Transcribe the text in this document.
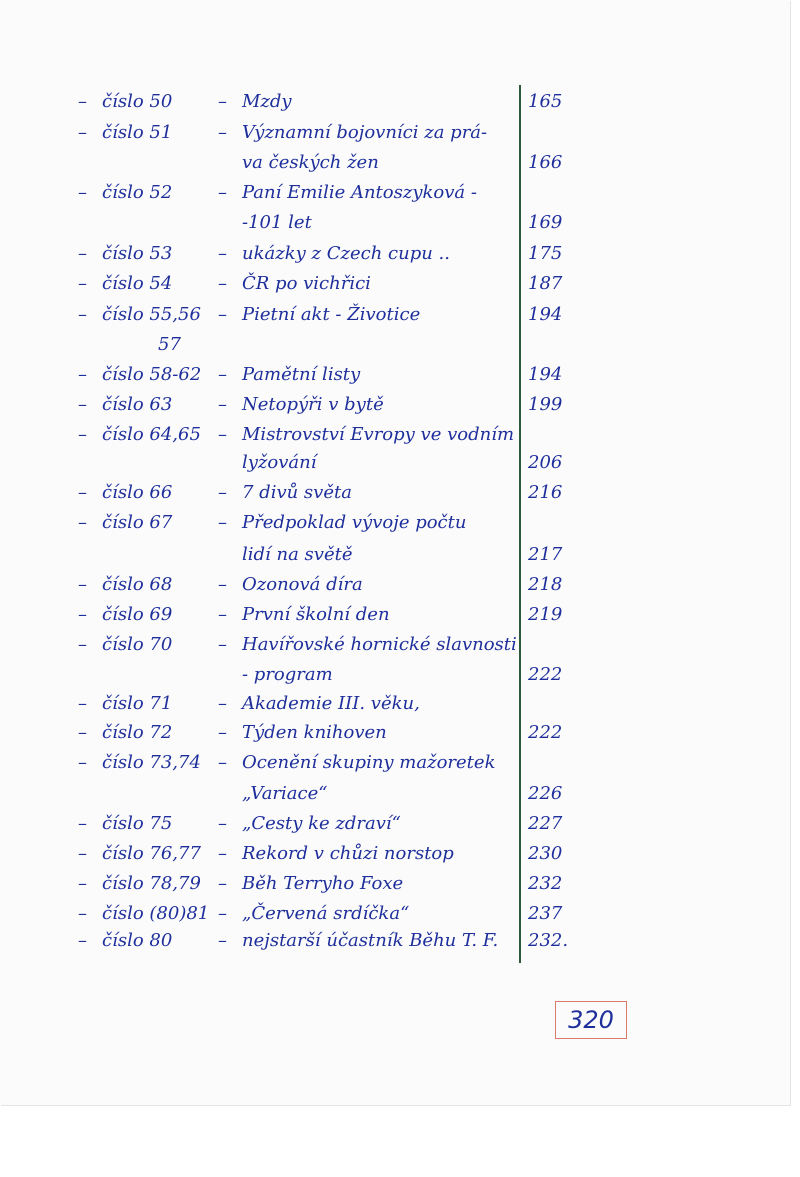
– číslo 50	– Mzdy	165
– číslo 51	– Významní bojovníci za prá-
va českých žen	166
– číslo 52	– Paní Emilie Antoszyková -
-101 let	169
– číslo 53	– ukázky z Czech cupu ..	175
– číslo 54	– ČR po vichřici	187
– číslo 55,56 – Pietní akt - Životice	194
57
– číslo 58-62 – Pamětní listy	194
– číslo 63	– Netopýři v bytě	199
– číslo 64,65 – Mistrovství Evropy ve vodním
lyžování	206
– číslo 66	– 7 divů světa	216
– číslo 67	– Předpoklad vývoje počtu
lidí na světě	217
– číslo 68	– Ozonová díra	218
– číslo 69	– První školní den	219
– číslo 70	– Havířovské hornické slavnosti
- program	222
– číslo 71	– Akademie III. věku,
– číslo 72	– Týden knihoven	222
– číslo 73,74 – Ocenění skupiny mažoretek
„Variace“	226
– číslo 75	– „Cesty ke zdraví“	227
– číslo 76,77 – Rekord v chůzi norstop	230
– číslo 78,79 – Běh Terryho Foxe	232
– číslo (80)81 – „Červená srdíčka“	237
– číslo 80	– nejstarší účastník Běhu T. F. 232.
320
